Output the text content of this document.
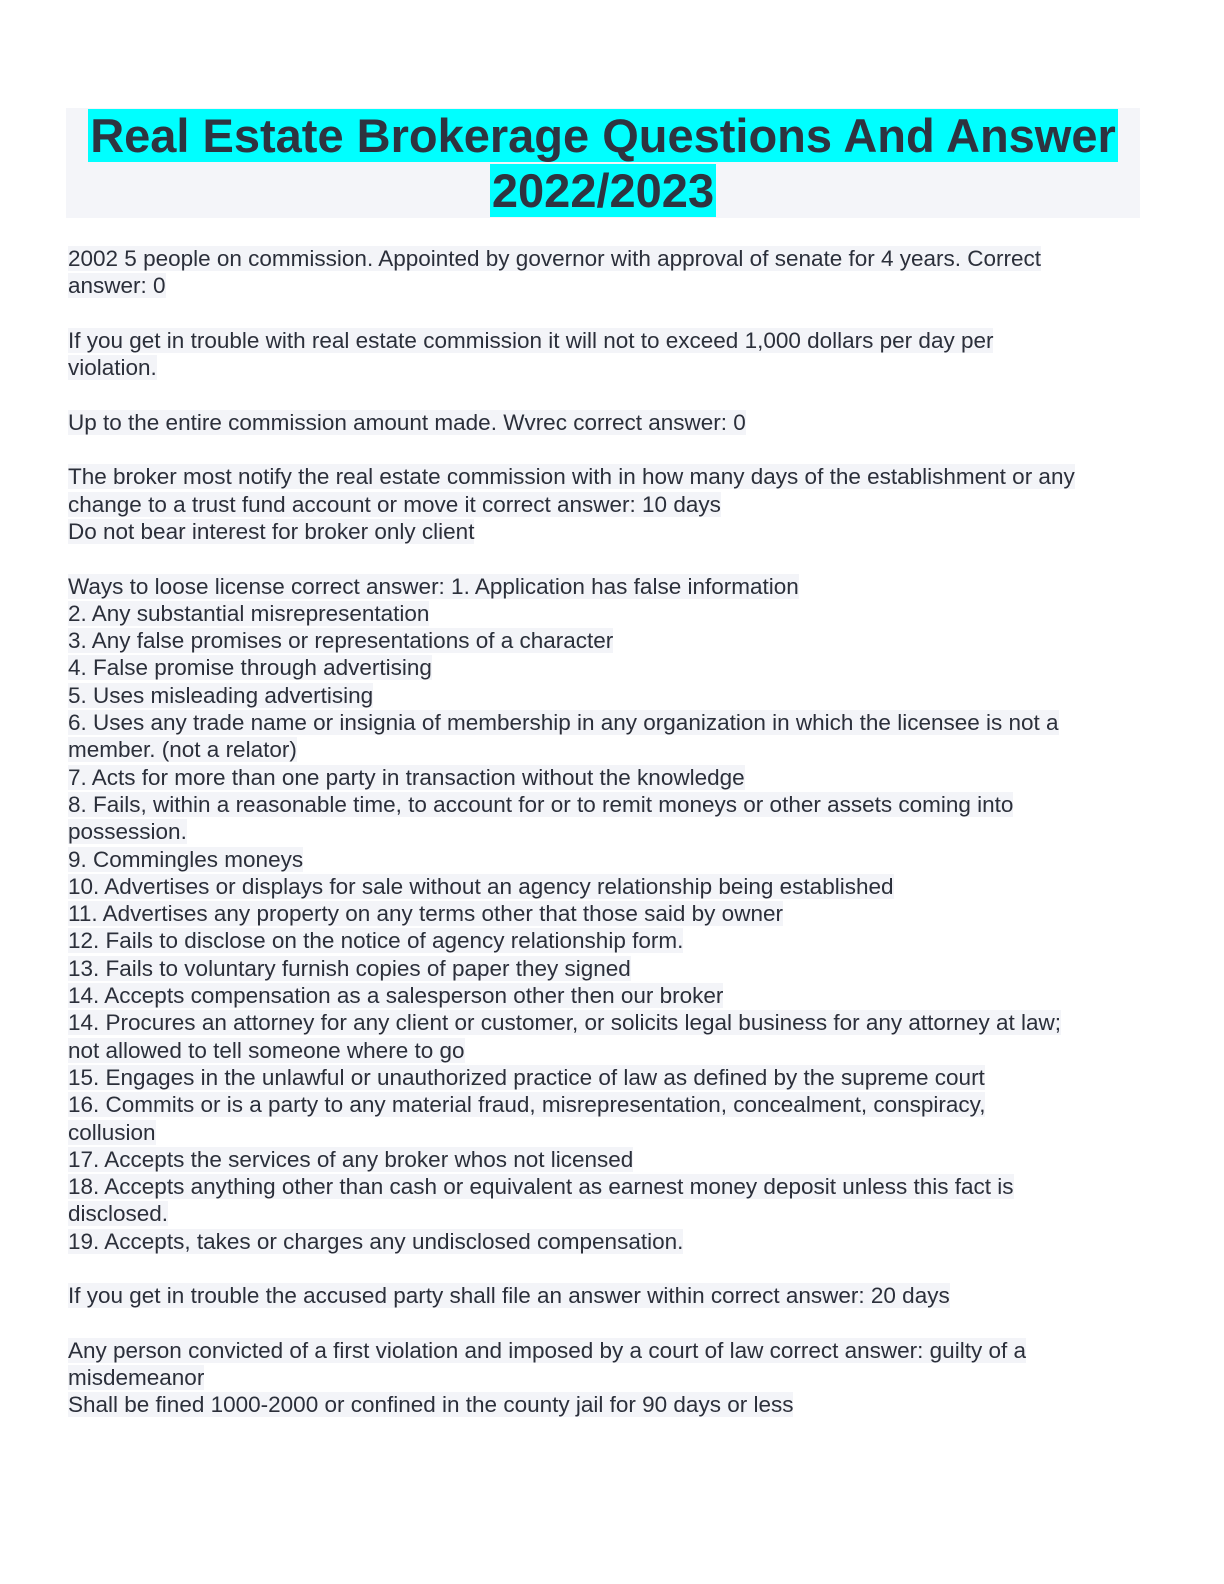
Real Estate Brokerage Questions And Answer
2022/2023
2002 5 people on commission. Appointed by governor with approval of senate for 4 years. Correct
answer: 0
If you get in trouble with real estate commission it will not to exceed 1,000 dollars per day per
violation.
Up to the entire commission amount made. Wvrec correct answer: 0
The broker most notify the real estate commission with in how many days of the establishment or any
change to a trust fund account or move it correct answer: 10 days
Do not bear interest for broker only client
Ways to loose license correct answer: 1. Application has false information
2. Any substantial misrepresentation
3. Any false promises or representations of a character
4. False promise through advertising
5. Uses misleading advertising
6. Uses any trade name or insignia of membership in any organization in which the licensee is not a
member. (not a relator)
7. Acts for more than one party in transaction without the knowledge
8. Fails, within a reasonable time, to account for or to remit moneys or other assets coming into
possession.
9. Commingles moneys
10. Advertises or displays for sale without an agency relationship being established
11. Advertises any property on any terms other that those said by owner
12. Fails to disclose on the notice of agency relationship form.
13. Fails to voluntary furnish copies of paper they signed
14. Accepts compensation as a salesperson other then our broker
14. Procures an attorney for any client or customer, or solicits legal business for any attorney at law;
not allowed to tell someone where to go
15. Engages in the unlawful or unauthorized practice of law as defined by the supreme court
16. Commits or is a party to any material fraud, misrepresentation, concealment, conspiracy,
collusion
17. Accepts the services of any broker whos not licensed
18. Accepts anything other than cash or equivalent as earnest money deposit unless this fact is
disclosed.
19. Accepts, takes or charges any undisclosed compensation.
If you get in trouble the accused party shall file an answer within correct answer: 20 days
Any person convicted of a first violation and imposed by a court of law correct answer: guilty of a
misdemeanor
Shall be fined 1000-2000 or confined in the county jail for 90 days or less
